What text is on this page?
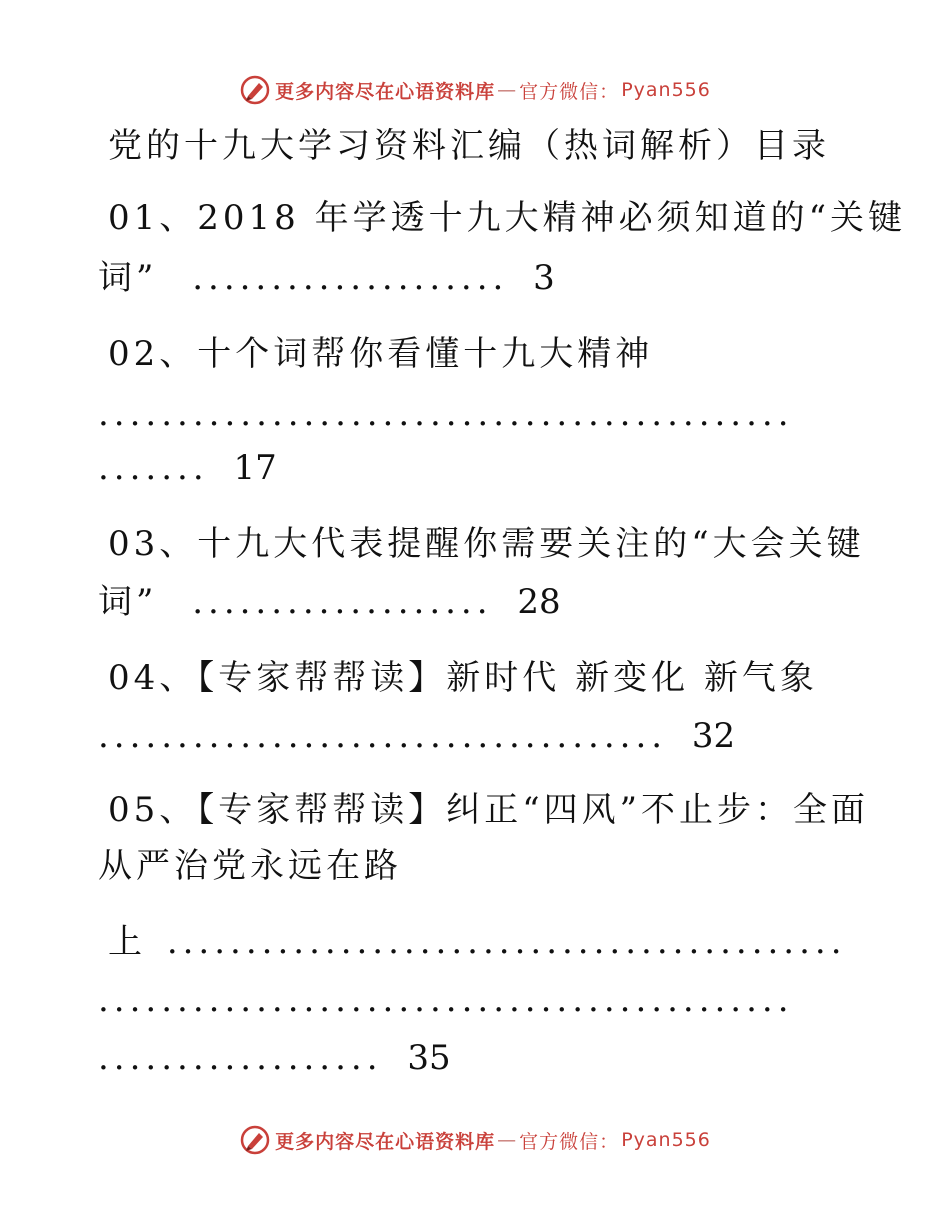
更多内容尽在心语资料库 — 官方微信： Pyan556
党的十九大学习资料汇编（热词解析）目录
01、2018 年学透十九大精神必须知道的“关键
词” .................... 3
02、十个词帮你看懂十九大精神
............................................
....... 17
03、十九大代表提醒你需要关注的“大会关键
词” ................... 28
04、【专家帮帮读】新时代 新变化 新气象
.................................... 32
05、【专家帮帮读】纠正“四风”不止步：全面
从严治党永远在路
上 ...........................................
............................................
.................. 35
更多内容尽在心语资料库 — 官方微信： Pyan556
